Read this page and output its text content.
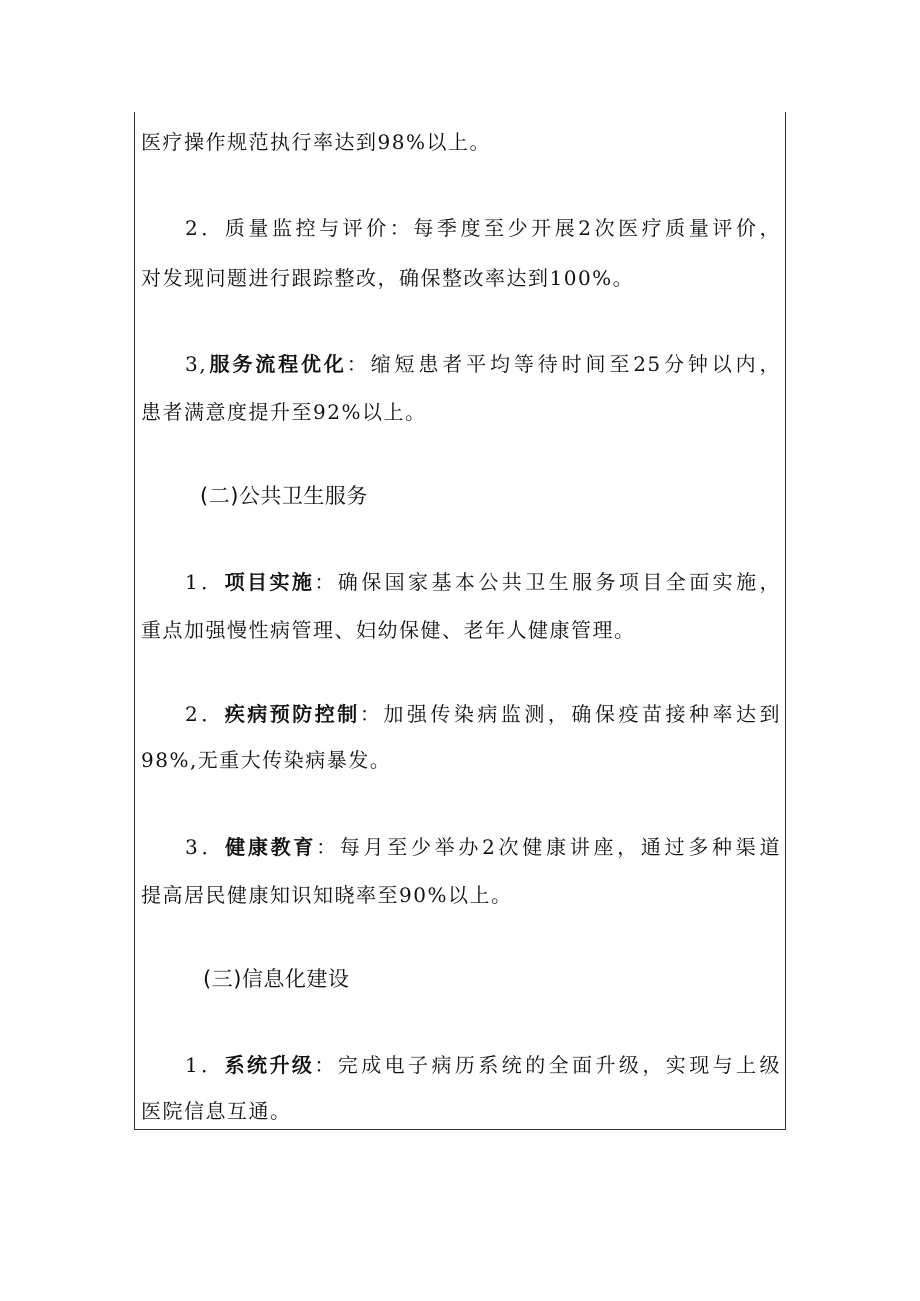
医疗操作规范执行率达到98%以上。
2．质量监控与评价：每季度至少开展2次医疗质量评价，
对发现问题进行跟踪整改，确保整改率达到100%。
3,服务流程优化：缩短患者平均等待时间至25分钟以内，
患者满意度提升至92%以上。
(二)公共卫生服务
1．项目实施：确保国家基本公共卫生服务项目全面实施，
重点加强慢性病管理、妇幼保健、老年人健康管理。
2．疾病预防控制：加强传染病监测，确保疫苗接种率达到
98%,无重大传染病暴发。
3．健康教育：每月至少举办2次健康讲座，通过多种渠道
提高居民健康知识知晓率至90%以上。
(三)信息化建设
1．系统升级：完成电子病历系统的全面升级，实现与上级
医院信息互通。
